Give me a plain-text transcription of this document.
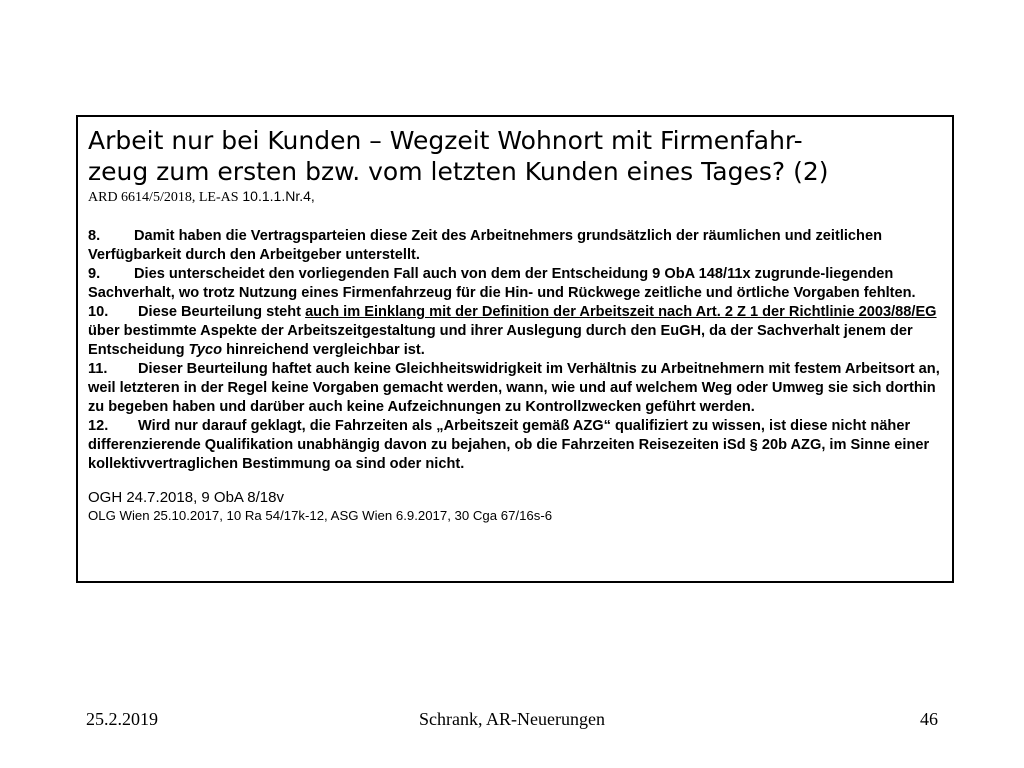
Arbeit nur bei Kunden – Wegzeit Wohnort mit Firmenfahr-
zeug zum ersten bzw. vom letzten Kunden eines Tages? (2)

ARD 6614/5/2018, LE-AS 10.1.1.Nr.4,

8. Damit haben die Vertragsparteien diese Zeit des Arbeitnehmers grundsätzlich der räumlichen und zeitlichen Verfügbarkeit durch den Arbeitgeber unterstellt.

9. Dies unterscheidet den vorliegenden Fall auch von dem der Entscheidung 9 ObA 148/11x zugrunde-liegenden Sachverhalt, wo trotz Nutzung eines Firmenfahrzeug für die Hin- und Rückwege zeitliche und örtliche Vorgaben fehlten.

10. Diese Beurteilung steht auch im Einklang mit der Definition der Arbeitszeit nach Art. 2 Z 1 der Richtlinie 2003/88/EG über bestimmte Aspekte der Arbeitszeitgestaltung und ihrer Auslegung durch den EuGH, da der Sachverhalt jenem der Entscheidung Tyco hinreichend vergleichbar ist.

11. Dieser Beurteilung haftet auch keine Gleichheitswidrigkeit im Verhältnis zu Arbeitnehmern mit festem Arbeitsort an, weil letzteren in der Regel keine Vorgaben gemacht werden, wann, wie und auf welchem Weg oder Umweg sie sich dorthin zu begeben haben und darüber auch keine Aufzeichnungen zu Kontrollzwecken geführt werden.

12. Wird nur darauf geklagt, die Fahrzeiten als „Arbeitszeit gemäß AZG“ qualifiziert zu wissen, ist diese nicht näher differenzierende Qualifikation unabhängig davon zu bejahen, ob die Fahrzeiten Reisezeiten iSd § 20b AZG, im Sinne einer kollektivvertraglichen Bestimmung oa sind oder nicht.

OGH 24.7.2018, 9 ObA 8/18v

OLG Wien 25.10.2017, 10 Ra 54/17k-12, ASG Wien 6.9.2017, 30 Cga 67/16s-6

25.2.2019	Schrank, AR-Neuerungen	46
